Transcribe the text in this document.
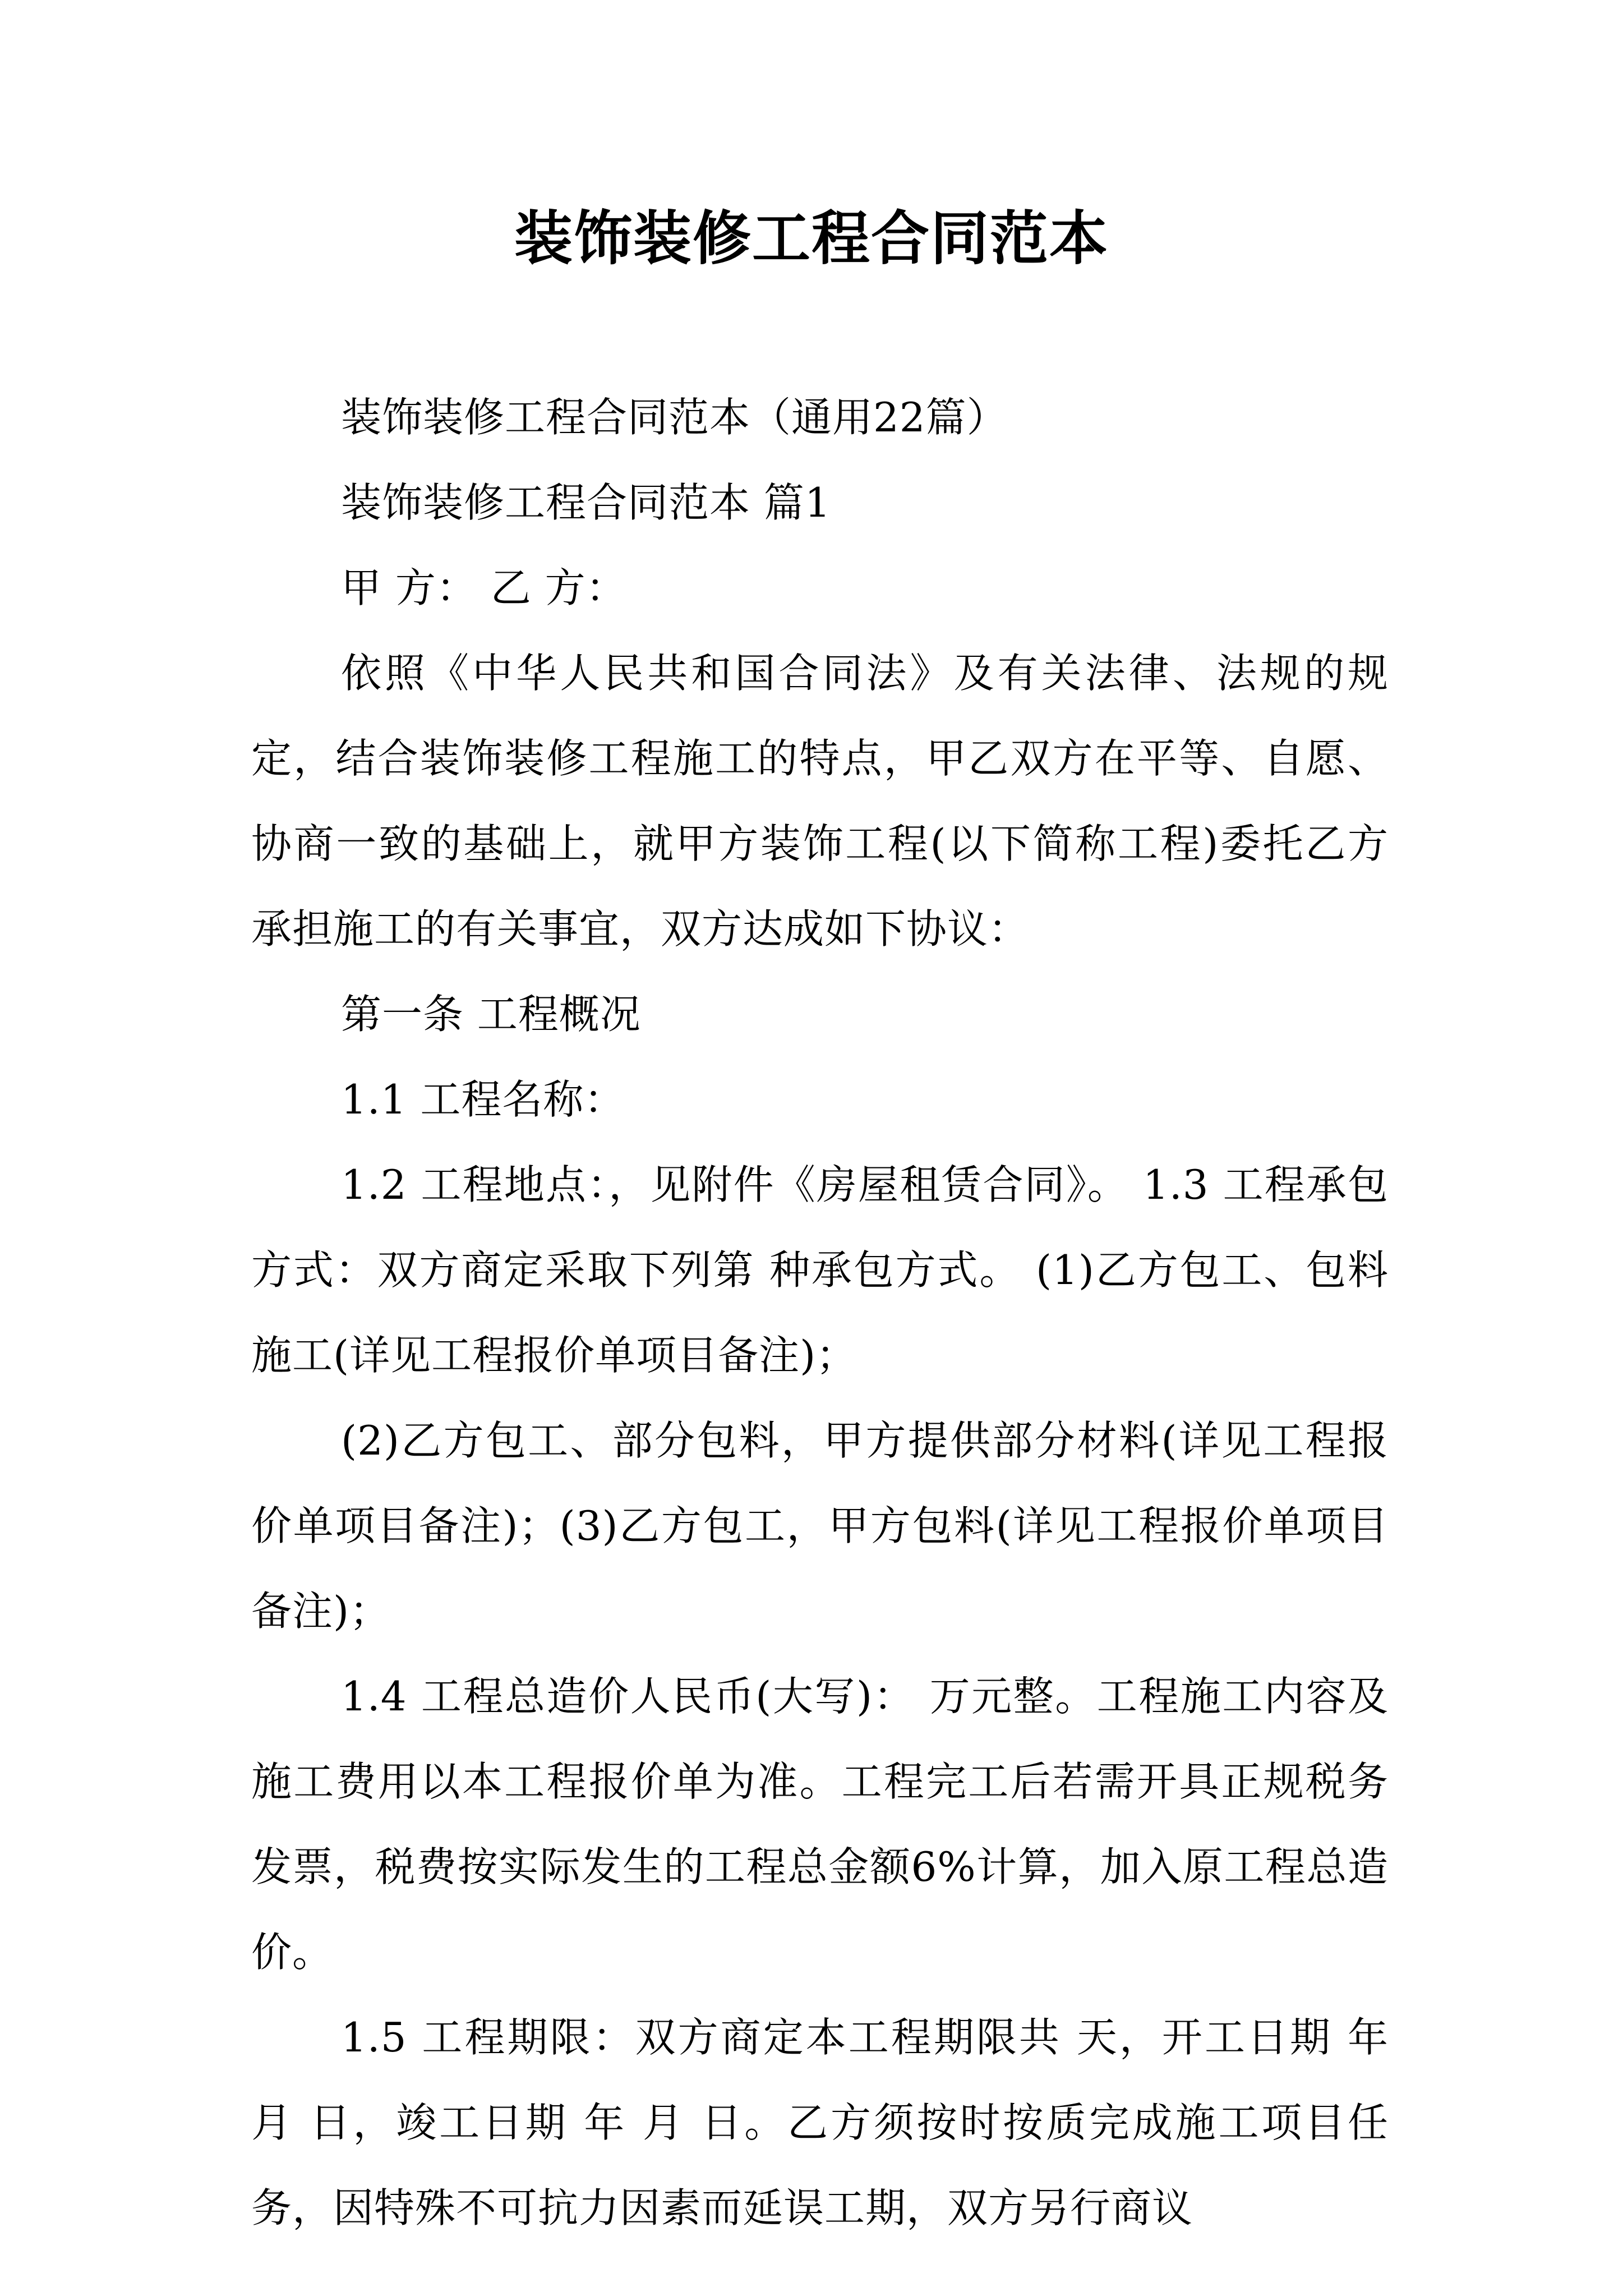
装饰装修工程合同范本

装饰装修工程合同范本（通用22篇）

装饰装修工程合同范本 篇1

甲 方： 乙 方：

依照《中华人民共和国合同法》及有关法律、法规的规定，结合装饰装修工程施工的特点，甲乙双方在平等、自愿、协商一致的基础上，就甲方装饰工程(以下简称工程)委托乙方承担施工的有关事宜，双方达成如下协议：

第一条 工程概况

1.1 工程名称：

1.2 工程地点：，见附件《房屋租赁合同》。 1.3 工程承包方式：双方商定采取下列第 种承包方式。 (1)乙方包工、包料施工(详见工程报价单项目备注)；

(2)乙方包工、部分包料，甲方提供部分材料(详见工程报价单项目备注)；(3)乙方包工，甲方包料(详见工程报价单项目备注)；

1.4 工程总造价人民币(大写)： 万元整。工程施工内容及施工费用以本工程报价单为准。工程完工后若需开具正规税务发票，税费按实际发生的工程总金额6%计算，加入原工程总造价。

1.5 工程期限：双方商定本工程期限共 天，开工日期 年 月 日，竣工日期 年 月 日。乙方须按时按质完成施工项目任务，因特殊不可抗力因素而延误工期，双方另行商议
